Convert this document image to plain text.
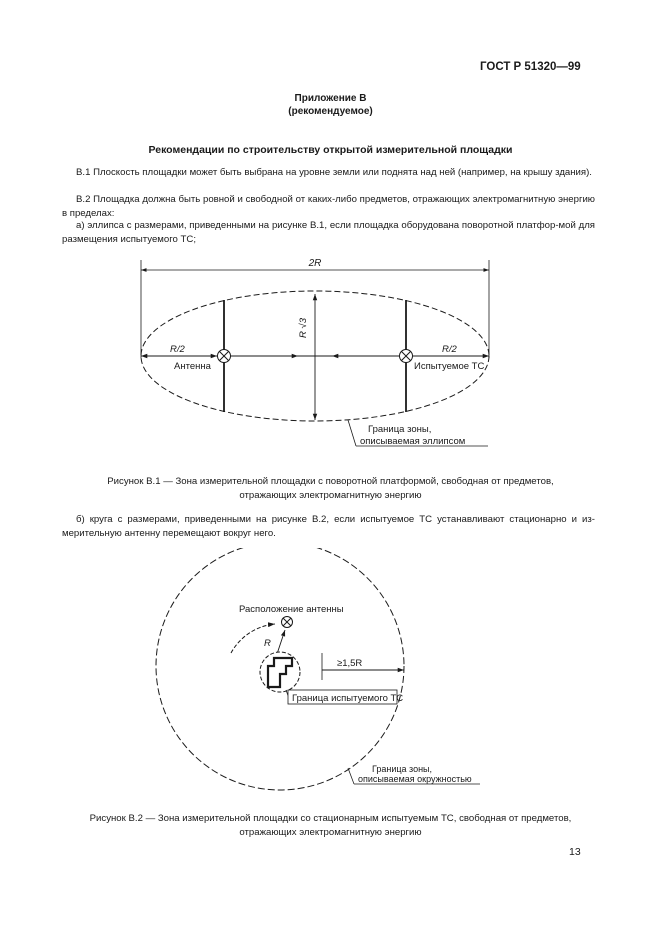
ГОСТ Р 51320—99
Приложение В
(рекомендуемое)
Рекомендации по строительству открытой измерительной площадки
В.1 Плоскость площадки может быть выбрана на уровне земли или поднята над ней (например, на крышу здания).
В.2 Площадка должна быть ровной и свободной от каких-либо предметов, отражающих электромагнитную энергию в пределах:
а) эллипса с размерами, приведенными на рисунке В.1, если площадка оборудована поворотной платфор-мой для размещения испытуемого ТС;
2R
R/2	R/2
R √3
Антенна	Испытуемое ТС
Граница зоны,
описываемая эллипсом
Рисунок В.1 — Зона измерительной площадки с поворотной платформой, свободная от предметов,
отражающих электромагнитную энергию
б) круга с размерами, приведенными на рисунке В.2, если испытуемое ТС устанавливают стационарно и из-мерительную антенну перемещают вокруг него.
Расположение антенны
R
≥1,5R
Граница испытуемого ТС
Граница зоны,
описываемая окружностью
Рисунок В.2 — Зона измерительной площадки со стационарным испытуемым ТС, свободная от предметов,
отражающих электромагнитную энергию
13
